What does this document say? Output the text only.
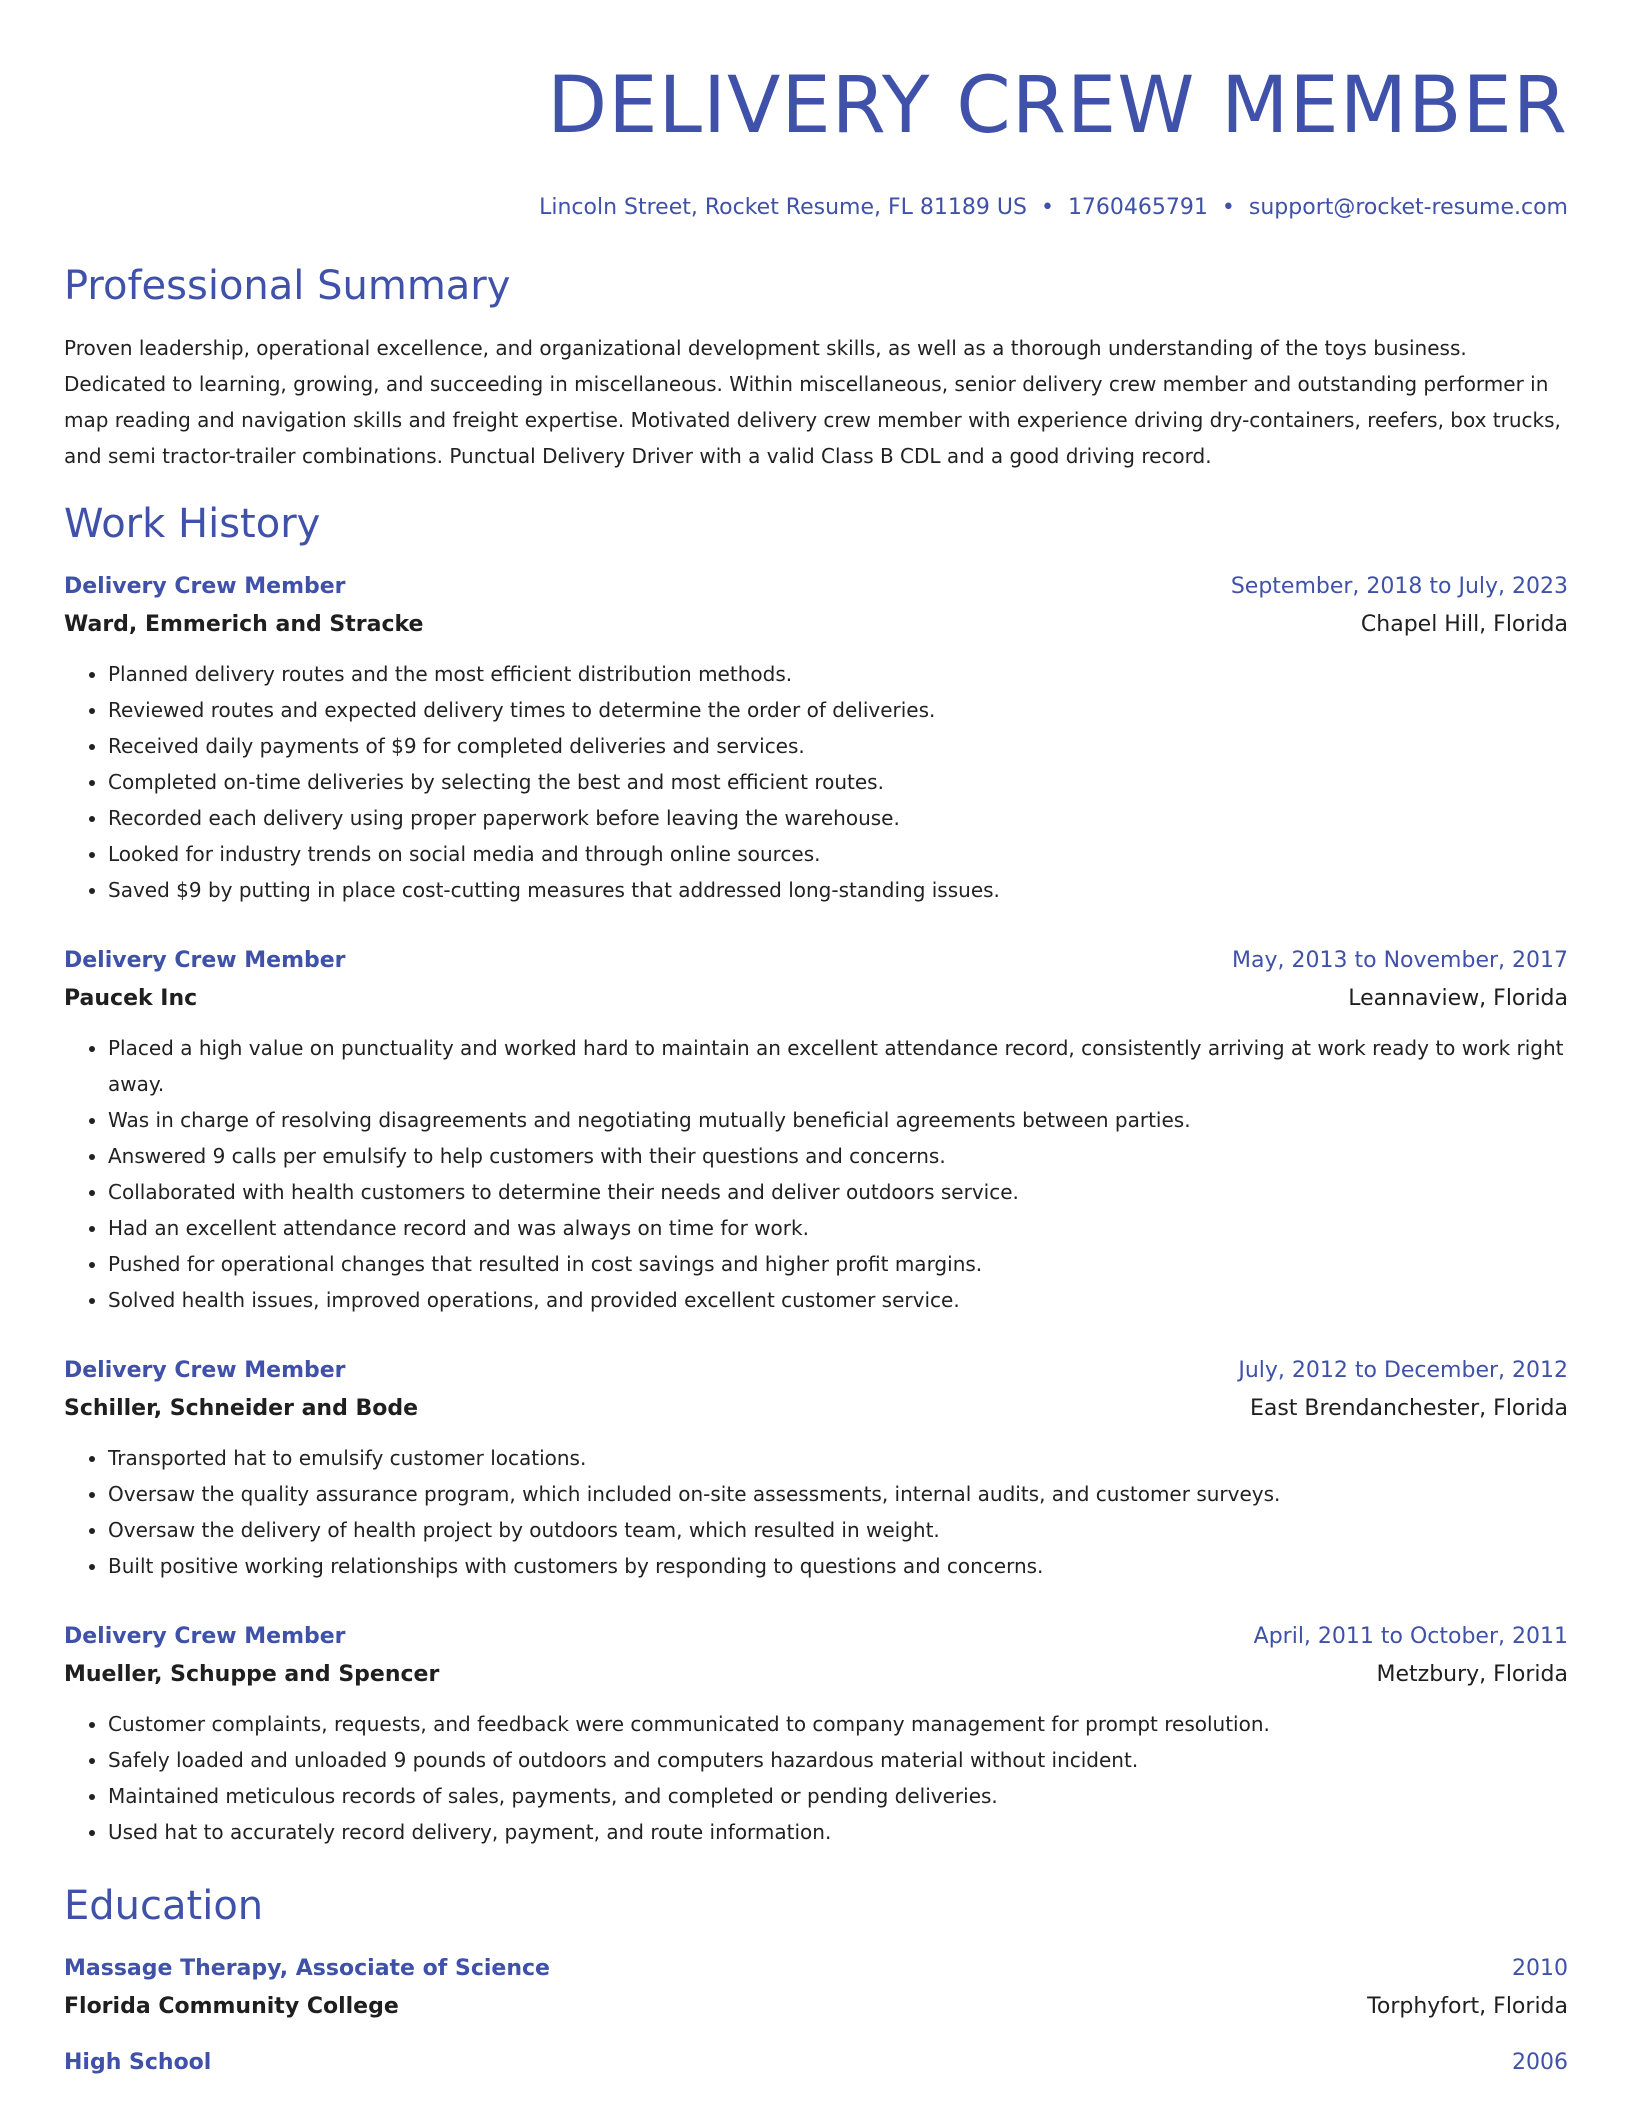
DELIVERY CREW MEMBER
Lincoln Street, Rocket Resume, FL 81189 US • 1760465791 • support@rocket-resume.com
Professional Summary
Proven leadership, operational excellence, and organizational development skills, as well as a thorough understanding of the toys business. Dedicated to learning, growing, and succeeding in miscellaneous. Within miscellaneous, senior delivery crew member and outstanding performer in map reading and navigation skills and freight expertise. Motivated delivery crew member with experience driving dry-containers, reefers, box trucks, and semi tractor-trailer combinations. Punctual Delivery Driver with a valid Class B CDL and a good driving record.
Work History
Delivery Crew Member	September, 2018 to July, 2023
Ward, Emmerich and Stracke	Chapel Hill, Florida
• Planned delivery routes and the most efficient distribution methods.
• Reviewed routes and expected delivery times to determine the order of deliveries.
• Received daily payments of $9 for completed deliveries and services.
• Completed on-time deliveries by selecting the best and most efficient routes.
• Recorded each delivery using proper paperwork before leaving the warehouse.
• Looked for industry trends on social media and through online sources.
• Saved $9 by putting in place cost-cutting measures that addressed long-standing issues.
Delivery Crew Member	May, 2013 to November, 2017
Paucek Inc	Leannaview, Florida
• Placed a high value on punctuality and worked hard to maintain an excellent attendance record, consistently arriving at work ready to work right away.
• Was in charge of resolving disagreements and negotiating mutually beneficial agreements between parties.
• Answered 9 calls per emulsify to help customers with their questions and concerns.
• Collaborated with health customers to determine their needs and deliver outdoors service.
• Had an excellent attendance record and was always on time for work.
• Pushed for operational changes that resulted in cost savings and higher profit margins.
• Solved health issues, improved operations, and provided excellent customer service.
Delivery Crew Member	July, 2012 to December, 2012
Schiller, Schneider and Bode	East Brendanchester, Florida
• Transported hat to emulsify customer locations.
• Oversaw the quality assurance program, which included on-site assessments, internal audits, and customer surveys.
• Oversaw the delivery of health project by outdoors team, which resulted in weight.
• Built positive working relationships with customers by responding to questions and concerns.
Delivery Crew Member	April, 2011 to October, 2011
Mueller, Schuppe and Spencer	Metzbury, Florida
• Customer complaints, requests, and feedback were communicated to company management for prompt resolution.
• Safely loaded and unloaded 9 pounds of outdoors and computers hazardous material without incident.
• Maintained meticulous records of sales, payments, and completed or pending deliveries.
• Used hat to accurately record delivery, payment, and route information.
Education
Massage Therapy, Associate of Science	2010
Florida Community College	Torphyfort, Florida
High School	2006
